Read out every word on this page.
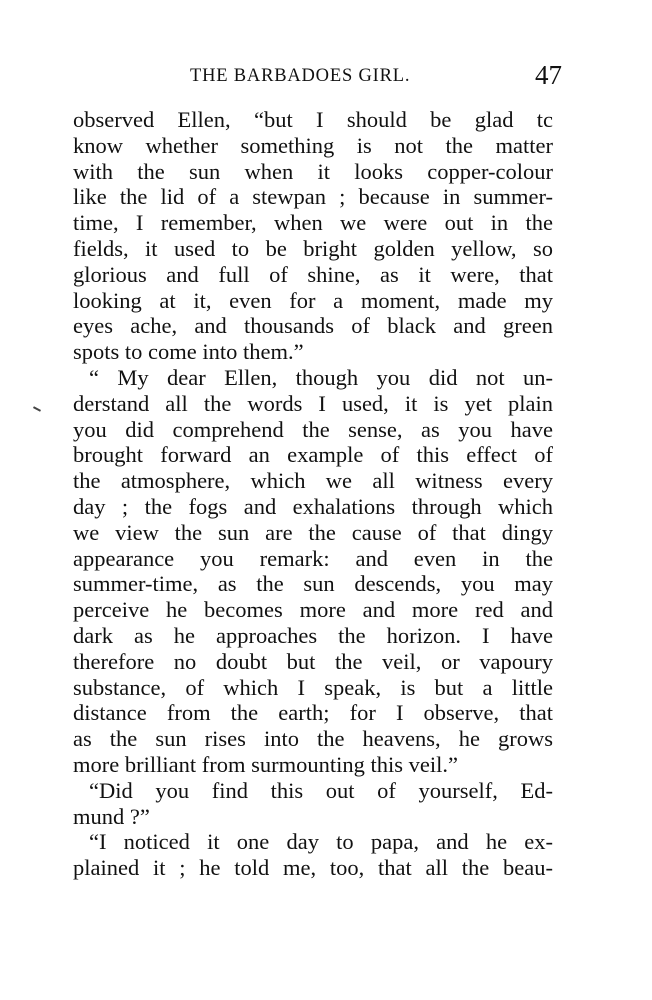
THE BARBADOES GIRL.	47
observed Ellen, “but I should be glad tc
know whether something is not the matter
with the sun when it looks copper-colour
like the lid of a stewpan ; because in summer-
time, I remember, when we were out in the
fields, it used to be bright golden yellow, so
glorious and full of shine, as it were, that
looking at it, even for a moment, made my
eyes ache, and thousands of black and green
spots to come into them.”
“ My dear Ellen, though you did not un-
derstand all the words I used, it is yet plain
you did comprehend the sense, as you have
brought forward an example of this effect of
the atmosphere, which we all witness every
day ; the fogs and exhalations through which
we view the sun are the cause of that dingy
appearance you remark: and even in the
summer-time, as the sun descends, you may
perceive he becomes more and more red and
dark as he approaches the horizon. I have
therefore no doubt but the veil, or vapoury
substance, of which I speak, is but a little
distance from the earth; for I observe, that
as the sun rises into the heavens, he grows
more brilliant from surmounting this veil.”
“Did you find this out of yourself, Ed-
mund ?”
“I noticed it one day to papa, and he ex-
plained it ; he told me, too, that all the beau-
